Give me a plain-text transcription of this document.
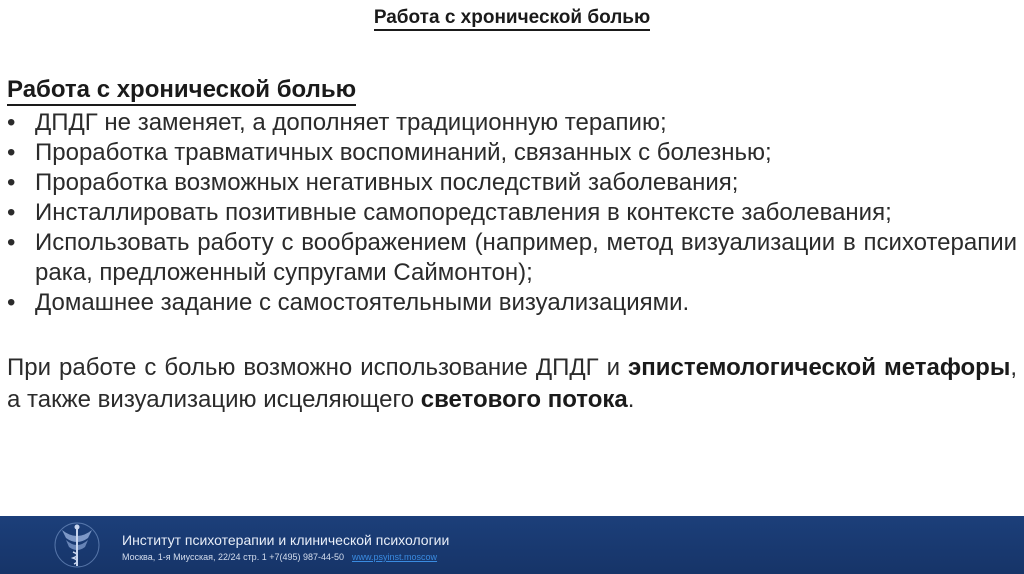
Работа с хронической болью
Работа с хронической болью
• ДПДГ не заменяет, а дополняет традиционную терапию;
• Проработка травматичных воспоминаний, связанных с болезнью;
• Проработка возможных негативных последствий заболевания;
• Инсталлировать позитивные самопоредставления в контексте заболевания;
• Использовать работу с воображением (например, метод визуализации в психотерапии рака, предложенный супругами Саймонтон);
• Домашнее задание с самостоятельными визуализациями.
При работе с болью возможно использование ДПДГ и эпистемологической метафоры, а также визуализацию исцеляющего светового потока.
Институт психотерапии и клинической психологии
Москва, 1-я Миусская, 22/24 стр. 1 +7(495) 987-44-50 www.psyinst.moscow
